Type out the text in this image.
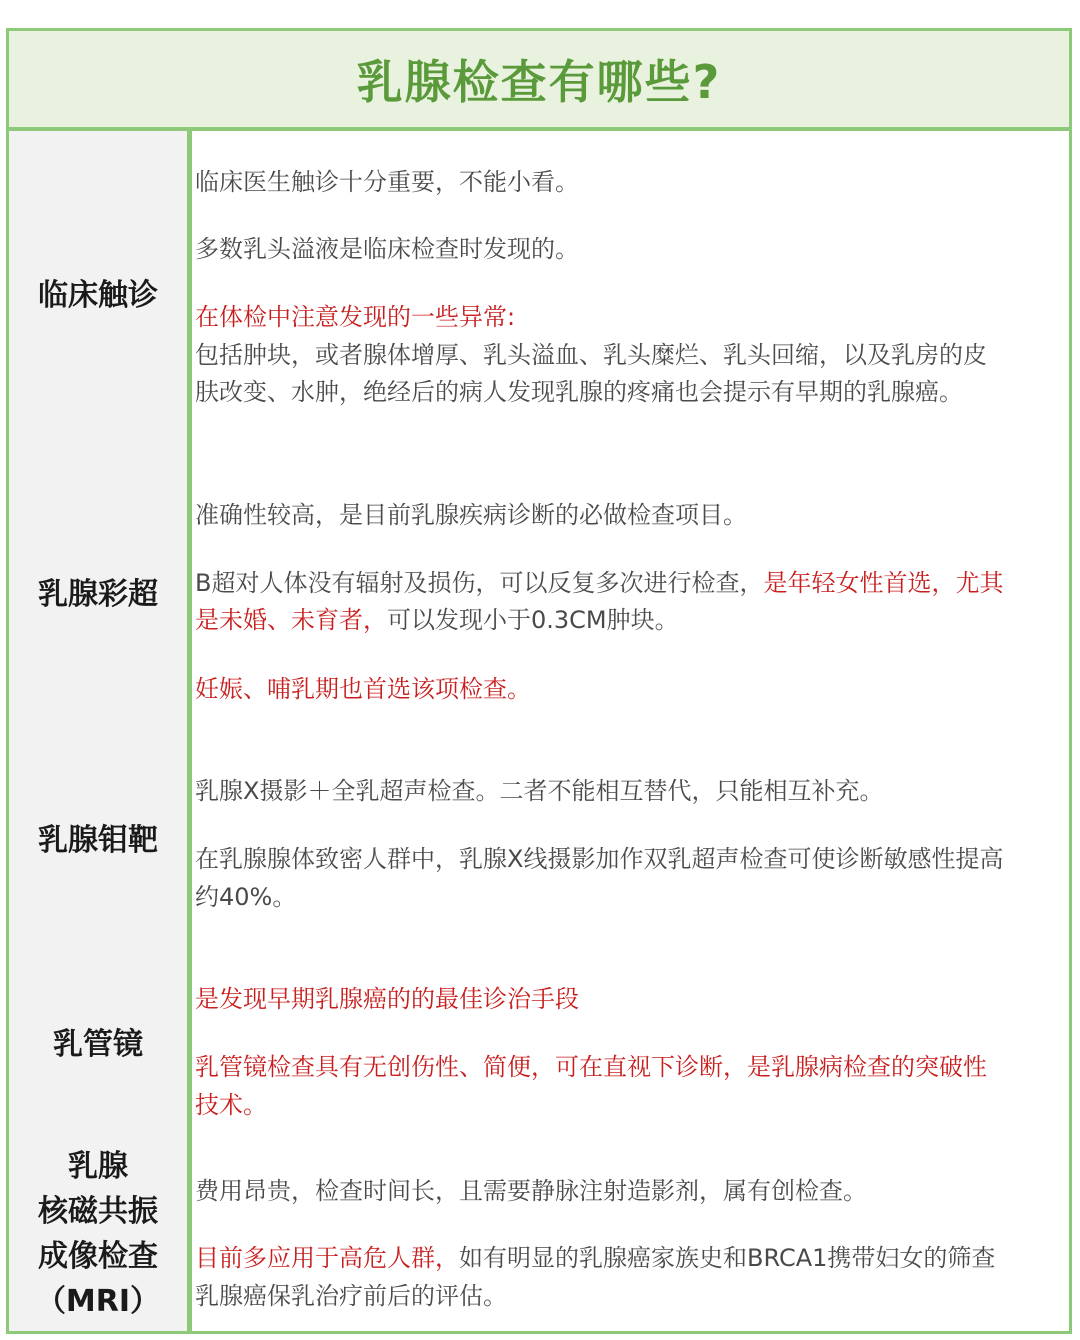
乳腺检查有哪些?
临床触诊
临床医生触诊十分重要，不能小看。
多数乳头溢液是临床检查时发现的。
在体检中注意发现的一些异常:
包括肿块，或者腺体增厚、乳头溢血、乳头糜烂、乳头回缩，以及乳房的皮
肤改变、水肿，绝经后的病人发现乳腺的疼痛也会提示有早期的乳腺癌。
乳腺彩超
准确性较高，是目前乳腺疾病诊断的必做检查项目。
B超对人体没有辐射及损伤，可以反复多次进行检查，是年轻女性首选，尤其
是未婚、未育者，可以发现小于0.3CM肿块。
妊娠、哺乳期也首选该项检查。
乳腺钼靶
乳腺X摄影＋全乳超声检查。二者不能相互替代，只能相互补充。
在乳腺腺体致密人群中，乳腺X线摄影加作双乳超声检查可使诊断敏感性提高
约40%。
乳管镜
是发现早期乳腺癌的的最佳诊治手段
乳管镜检查具有无创伤性、简便，可在直视下诊断，是乳腺病检查的突破性
技术。
乳腺
核磁共振
成像检查
（MRI）
费用昂贵，检查时间长，且需要静脉注射造影剂，属有创检查。
目前多应用于高危人群，如有明显的乳腺癌家族史和BRCA1携带妇女的筛查
乳腺癌保乳治疗前后的评估。
